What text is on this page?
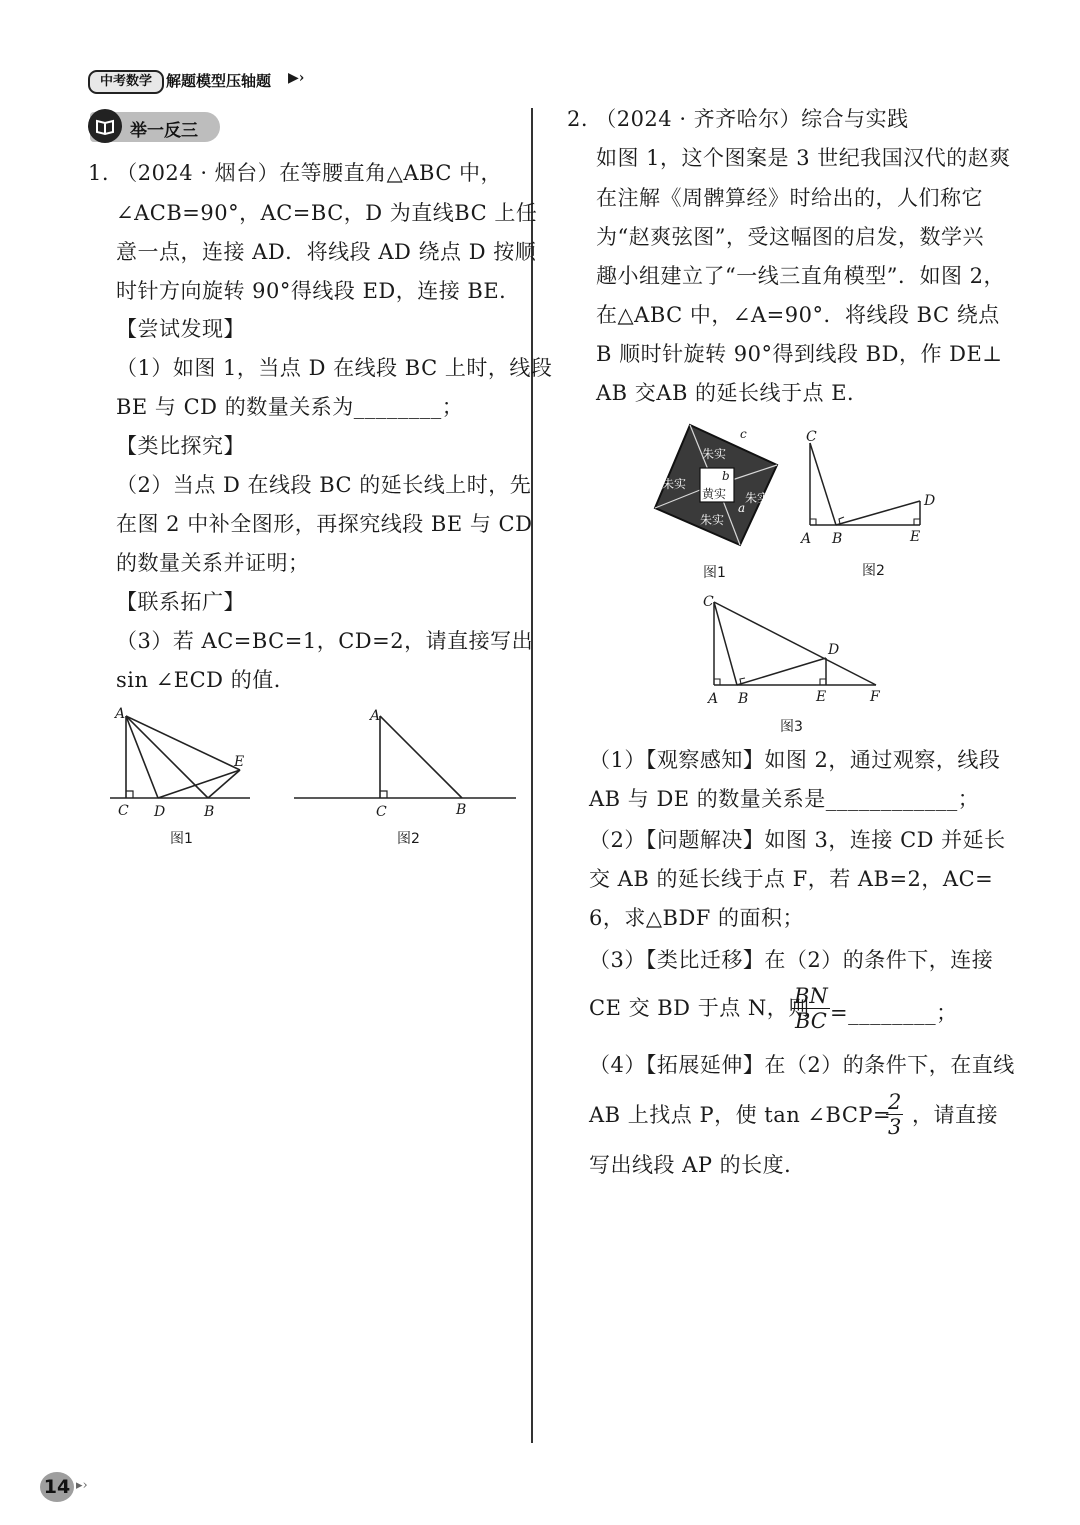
中考数学 解题模型压轴题 ▶›
举一反三
1. （2024 · 烟台）在等腰直角△ABC 中，
∠ACB=90°，AC=BC，D 为直线BC 上任
意一点，连接 AD．将线段 AD 绕点 D 按顺
时针方向旋转 90°得线段 ED，连接 BE．
【尝试发现】
（1）如图 1，当点 D 在线段 BC 上时，线段
BE 与 CD 的数量关系为________；
【类比探究】
（2）当点 D 在线段 BC 的延长线上时，先
在图 2 中补全图形，再探究线段 BE 与 CD
的数量关系并证明；
【联系拓广】
（3）若 AC=BC=1，CD=2，请直接写出
sin ∠ECD 的值．
A
C D	B
E
图1
A
C	B
图2
2. （2024 · 齐齐哈尔）综合与实践
如图 1，这个图案是 3 世纪我国汉代的赵爽
在注解《周髀算经》时给出的，人们称它
为“赵爽弦图”，受这幅图的启发，数学兴
趣小组建立了“一线三直角模型”．如图 2，
在△ABC 中，∠A=90°．将线段 BC 绕点
B 顺时针旋转 90°得到线段 BD，作 DE⊥
AB 交AB 的延长线于点 E．
朱实
朱实
朱实
朱实
黄实
c
b
a
图1
C
D
A B	E
图2
C
D
A B	E	F
图3
（1）【观察感知】如图 2，通过观察，线段
AB 与 DE 的数量关系是____________；
（2）【问题解决】如图 3，连接 CD 并延长
交 AB 的延长线于点 F，若 AB=2，AC=
6，求△BDF 的面积；
（3）【类比迁移】在（2）的条件下，连接
CE 交 BD 于点 N，则
$\frac{BN}{BC}$ =________；
（4）【拓展延伸】在（2）的条件下，在直线
AB 上找点 P，使 tan ∠BCP=
$\frac{2}{3}$ ，请直接
写出线段 AP 的长度．
14 ▸›
